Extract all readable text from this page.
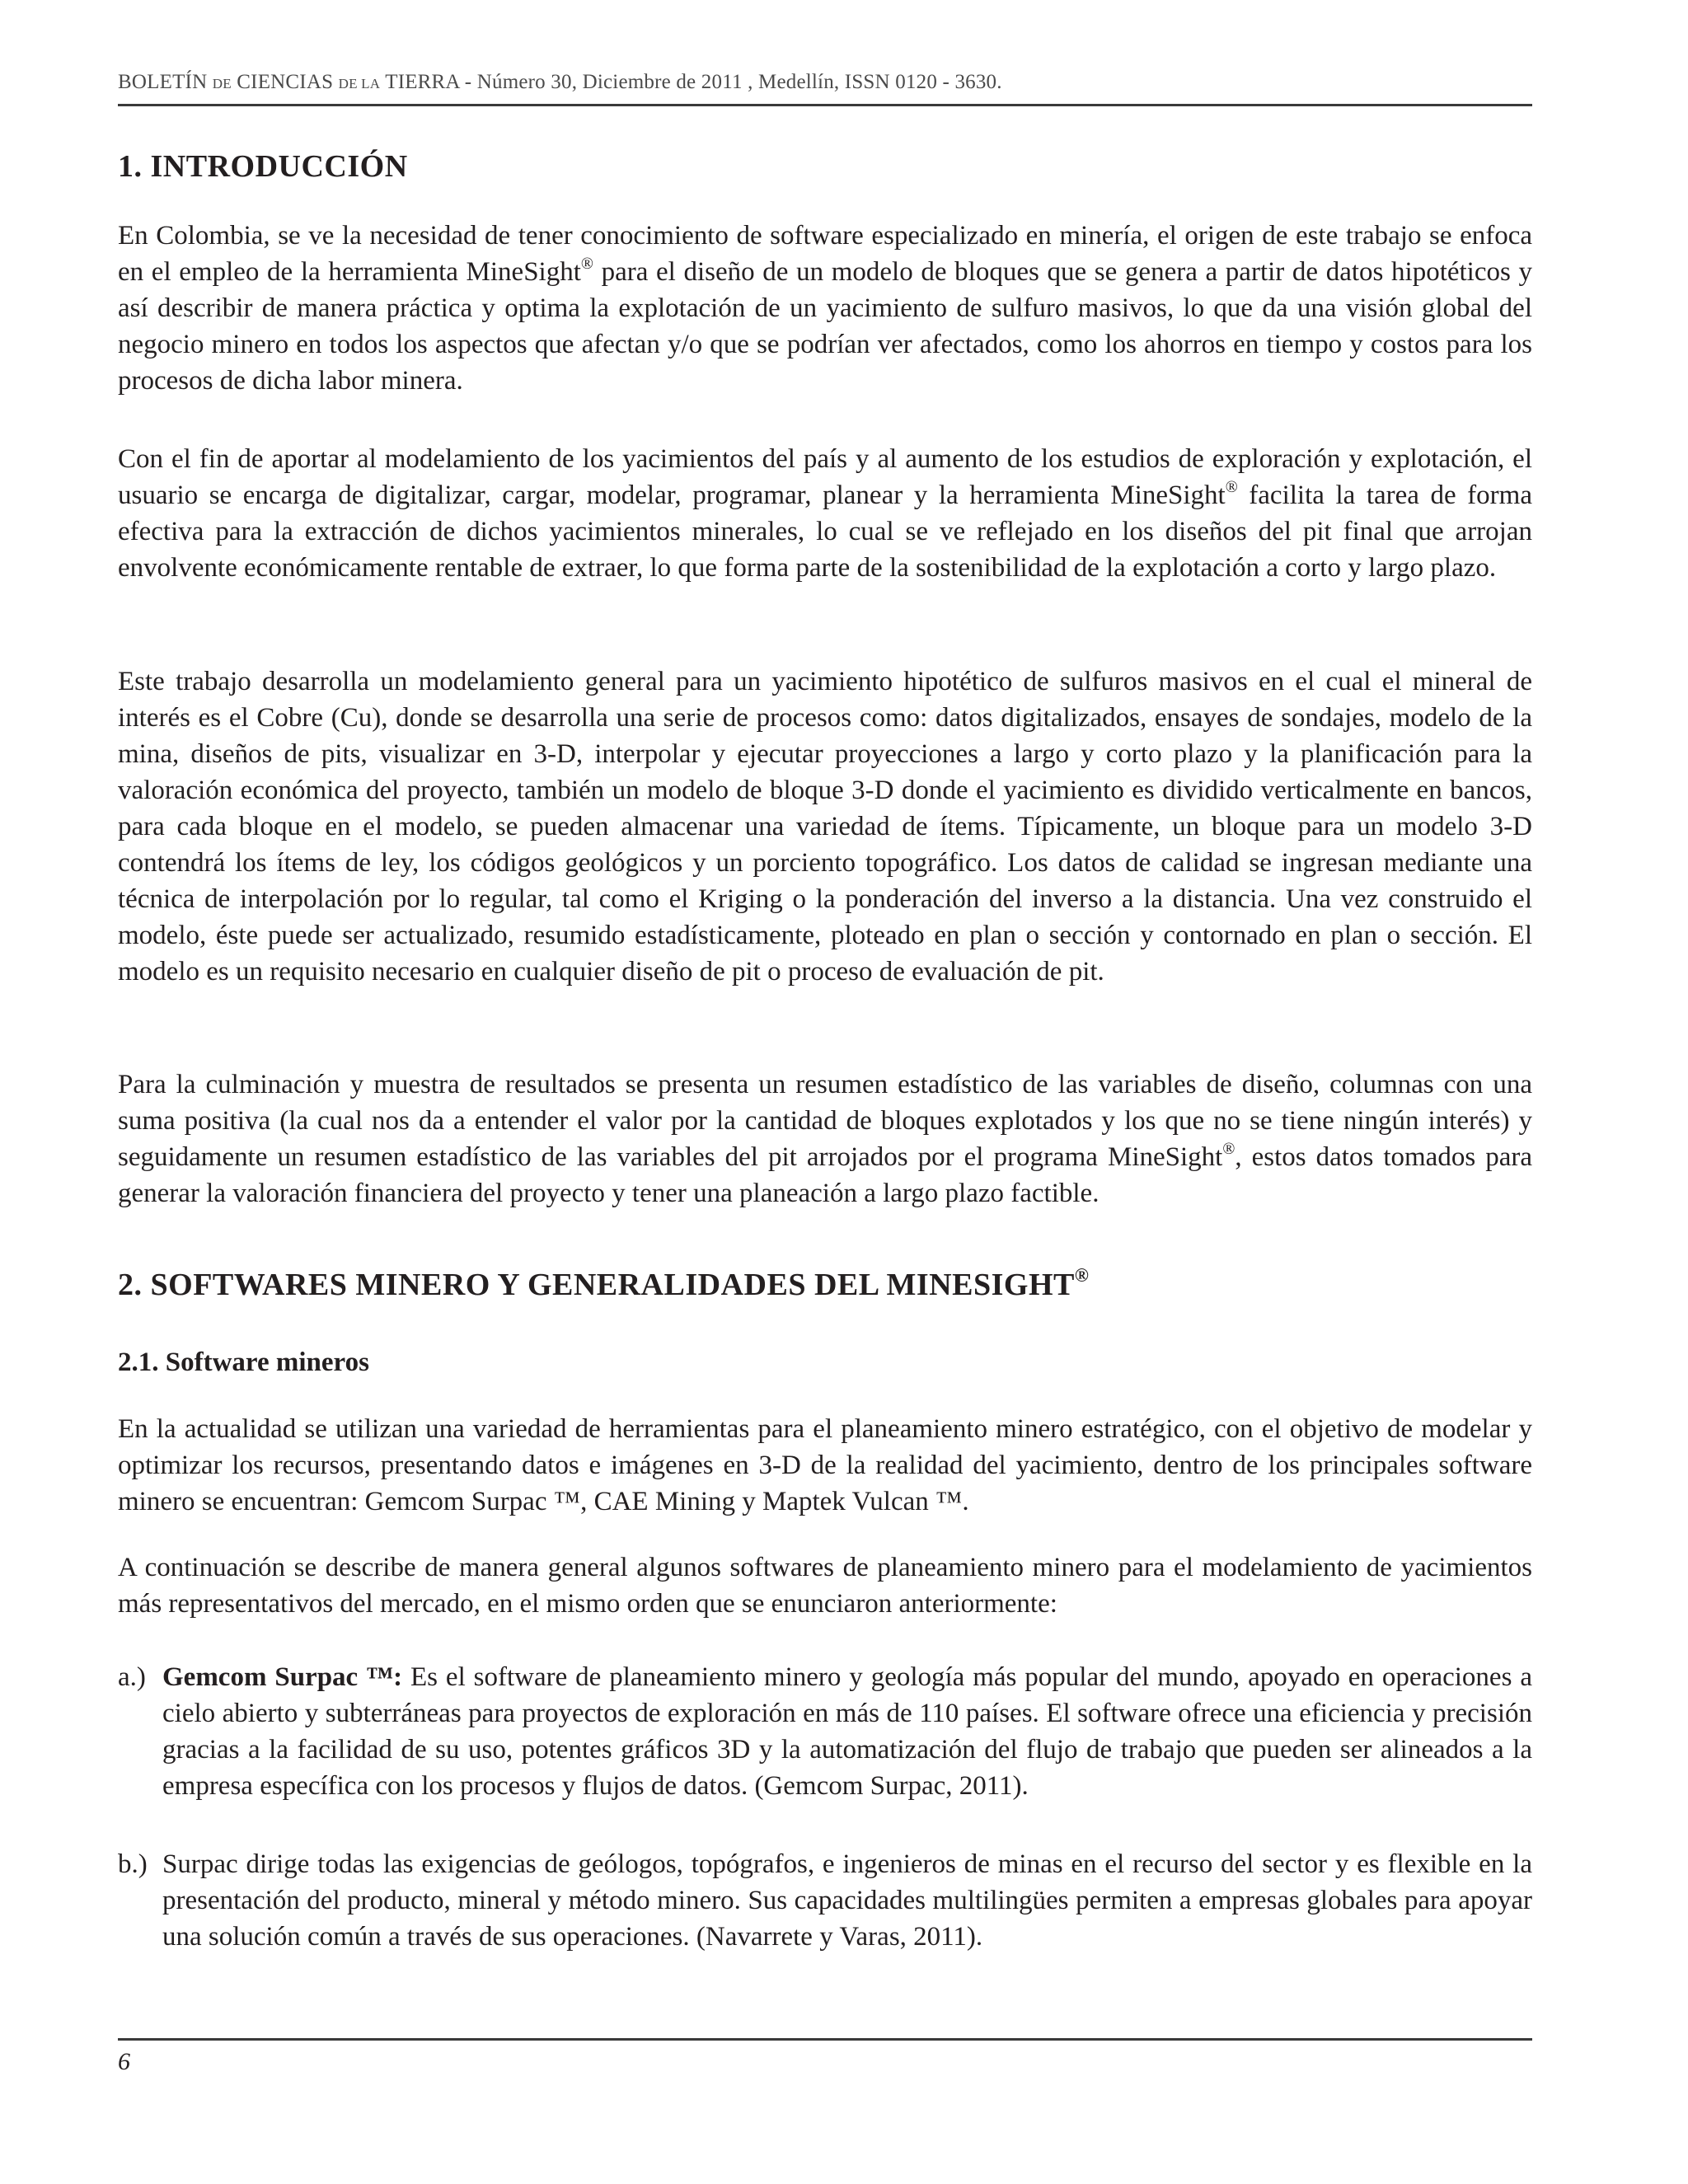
BOLETÍN DE CIENCIAS DE LA TIERRA - Número 30, Diciembre de 2011 , Medellín, ISSN 0120 - 3630.
1. INTRODUCCIÓN

En Colombia, se ve la necesidad de tener conocimiento de software especializado en minería, el origen de este trabajo se enfoca en el empleo de la herramienta MineSight® para el diseño de un modelo de bloques que se genera a partir de datos hipotéticos y así describir de manera práctica y optima la explotación de un yacimiento de sulfuro masivos, lo que da una visión global del negocio minero en todos los aspectos que afectan y/o que se podrían ver afectados, como los ahorros en tiempo y costos para los procesos de dicha labor minera.

Con el fin de aportar al modelamiento de los yacimientos del país y al aumento de los estudios de exploración y explotación, el usuario se encarga de digitalizar, cargar, modelar, programar, planear y la herramienta MineSight® facilita la tarea de forma efectiva para la extracción de dichos yacimientos minerales, lo cual se ve reflejado en los diseños del pit final que arrojan envolvente económicamente rentable de extraer, lo que forma parte de la sostenibilidad de la explotación a corto y largo plazo.

Este trabajo desarrolla un modelamiento general para un yacimiento hipotético de sulfuros masivos en el cual el mineral de interés es el Cobre (Cu), donde se desarrolla una serie de procesos como: datos digitalizados, ensayes de sondajes, modelo de la mina, diseños de pits, visualizar en 3-D, interpolar y ejecutar proyecciones a largo y corto plazo y la planificación para la valoración económica del proyecto, también un modelo de bloque 3-D donde el yacimiento es dividido verticalmente en bancos, para cada bloque en el modelo, se pueden almacenar una variedad de ítems. Típicamente, un bloque para un modelo 3-D contendrá los ítems de ley, los códigos geológicos y un porciento topográfico. Los datos de calidad se ingresan mediante una técnica de interpolación por lo regular, tal como el Kriging o la ponderación del inverso a la distancia. Una vez construido el modelo, éste puede ser actualizado, resumido estadísticamente, ploteado en plan o sección y contornado en plan o sección. El modelo es un requisito necesario en cualquier diseño de pit o proceso de evaluación de pit.

Para la culminación y muestra de resultados se presenta un resumen estadístico de las variables de diseño, columnas con una suma positiva (la cual nos da a entender el valor por la cantidad de bloques explotados y los que no se tiene ningún interés) y seguidamente un resumen estadístico de las variables del pit arrojados por el programa MineSight®, estos datos tomados para generar la valoración financiera del proyecto y tener una planeación a largo plazo factible.

2. SOFTWARES MINERO Y GENERALIDADES DEL MINESIGHT®
2.1. Software mineros

En la actualidad se utilizan una variedad de herramientas para el planeamiento minero estratégico, con el objetivo de modelar y optimizar los recursos, presentando datos e imágenes en 3-D de la realidad del yacimiento, dentro de los principales software minero se encuentran: Gemcom Surpac ™, CAE Mining y Maptek Vulcan ™.

A continuación se describe de manera general algunos softwares de planeamiento minero para el modelamiento de yacimientos más representativos del mercado, en el mismo orden que se enunciaron anteriormente:

a.) Gemcom Surpac ™: Es el software de planeamiento minero y geología más popular del mundo, apoyado en operaciones a cielo abierto y subterráneas para proyectos de exploración en más de 110 países. El software ofrece una eficiencia y precisión gracias a la facilidad de su uso, potentes gráficos 3D y la automatización del flujo de trabajo que pueden ser alineados a la empresa específica con los procesos y flujos de datos. (Gemcom Surpac, 2011).

b.) Surpac dirige todas las exigencias de geólogos, topógrafos, e ingenieros de minas en el recurso del sector y es flexible en la presentación del producto, mineral y método minero. Sus capacidades multilingües permiten a empresas globales para apoyar una solución común a través de sus operaciones. (Navarrete y Varas, 2011).

6
